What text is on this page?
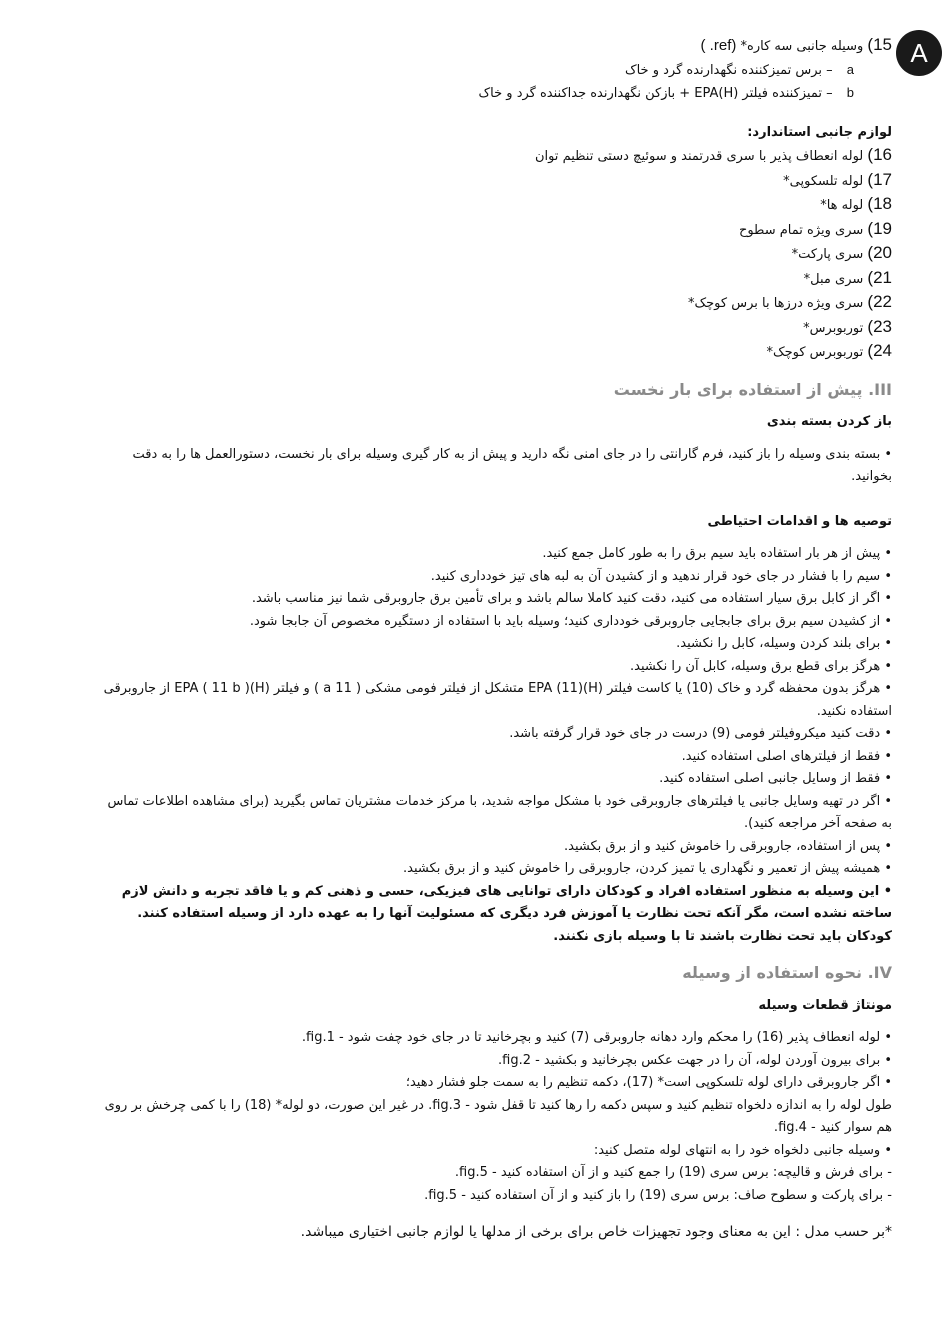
A
15) وسیله جانبی سه کاره* (ref. )
a – برس تمیزکننده نگهدارنده گرد و خاک
b – تمیزکننده فیلتر (H)EPA + بازکن نگهدارنده جداکننده گرد و خاک
لوازم جانبی استاندارد:
16) لوله انعطاف پذیر با سری قدرتمند و سوئیچ دستی تنظیم توان
17) لوله تلسکوپی*
18) لوله ها*
19) سری ویژه تمام سطوح
20) سری پارکت*
21) سری مبل*
22) سری ویژه درزها با برس کوچک*
23) توربوبرس*
24) توربوبرس کوچک*
III. پیش از استفاده برای بار نخست
باز کردن بسته بندی
• بسته بندی وسیله را باز کنید، فرم گارانتی را در جای امنی نگه دارید و پیش از به کار گیری وسیله برای بار نخست، دستورالعمل ها را به دقت بخوانید.
توصیه ها و اقدامات احتیاطی
• پیش از هر بار استفاده باید سیم برق را به طور کامل جمع کنید.
• سیم را با فشار در جای خود قرار ندهید و از کشیدن آن به لبه های تیز خودداری کنید.
• اگر از کابل برق سیار استفاده می کنید، دقت کنید کاملا سالم باشد و برای تأمین برق جاروبرقی شما نیز مناسب باشد.
• از کشیدن سیم برق برای جابجایی جاروبرقی خودداری کنید؛ وسیله باید با استفاده از دستگیره مخصوص آن جابجا شود.
• برای بلند کردن وسیله، کابل را نکشید.
• هرگز برای قطع برق وسیله، کابل آن را نکشید.
• هرگز بدون محفظه گرد و خاک (10) یا کاست فیلتر (H)EPA (11) متشکل از فیلتر فومی مشکی ( 11 a ) و فیلتر (H)EPA ( 11 b ) از جاروبرقی استفاده نکنید.
• دقت کنید میکروفیلتر فومی (9) درست در جای خود قرار گرفته باشد.
• فقط از فیلترهای اصلی استفاده کنید.
• فقط از وسایل جانبی اصلی استفاده کنید.
• اگر در تهیه وسایل جانبی یا فیلترهای جاروبرقی خود با مشکل مواجه شدید، با مرکز خدمات مشتریان تماس بگیرید (برای مشاهده اطلاعات تماس به صفحه آخر مراجعه کنید).
• پس از استفاده، جاروبرقی را خاموش کنید و از برق بکشید.
• همیشه پیش از تعمیر و نگهداری یا تمیز کردن، جاروبرقی را خاموش کنید و از برق بکشید.
• این وسیله به منظور استفاده افراد و کودکان دارای توانایی های فیزیکی، حسی و ذهنی کم و یا فاقد تجربه و دانش لازم ساخته نشده است، مگر آنکه تحت نظارت یا آموزش فرد دیگری که مسئولیت آنها را به عهده دارد از وسیله استفاده کنند. کودکان باید تحت نظارت باشند تا با وسیله بازی نکنند.
IV. نحوه استفاده از وسیله
مونتاژ قطعات وسیله
• لوله انعطاف پذیر (16) را محکم وارد دهانه جاروبرقی (7) کنید و بچرخانید تا در جای خود چفت شود - fig.1.
• برای بیرون آوردن لوله، آن را در جهت عکس بچرخانید و بکشید - fig.2.
• اگر جاروبرقی دارای لوله تلسکوپی است* (17)، دکمه تنظیم را به سمت جلو فشار دهید؛
طول لوله را به اندازه دلخواه تنظیم کنید و سپس دکمه را رها کنید تا قفل شود - fig.3. در غیر این صورت، دو لوله* (18) را با کمی چرخش بر روی هم سوار کنید - fig.4.
• وسیله جانبی دلخواه خود را به انتهای لوله متصل کنید:
- برای فرش و قالیچه: برس سری (19) را جمع کنید و از آن استفاده کنید - fig.5.
- برای پارکت و سطوح صاف: برس سری (19) را باز کنید و از آن استفاده کنید - fig.5.
*بر حسب مدل : این به معنای وجود تجهیزات خاص برای برخی از مدلها یا لوازم جانبی اختیاری میباشد.
